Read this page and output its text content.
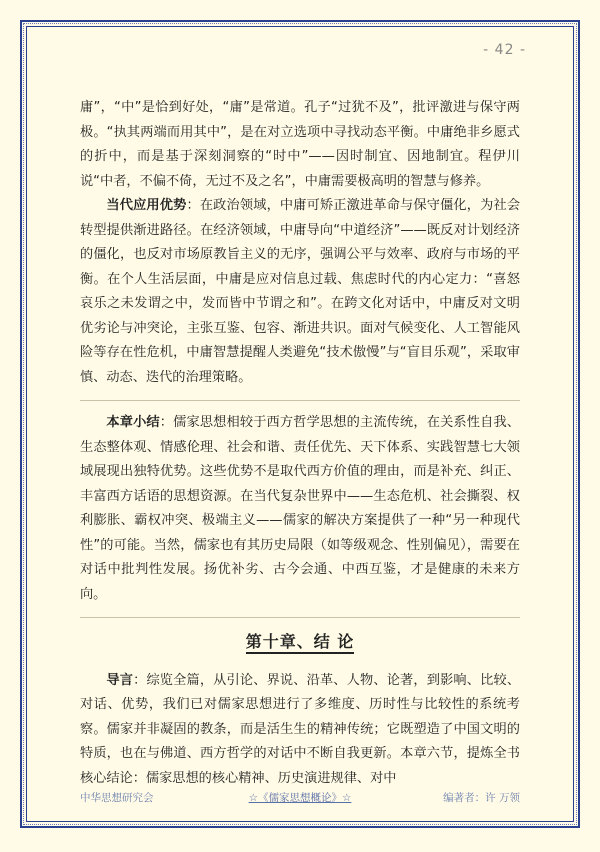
- 42 -

庸”，“中”是恰到好处，“庸”是常道。孔子“过犹不及”，批评激进与保守两极。“执其两端而用其中”，是在对立选项中寻找动态平衡。中庸绝非乡愿式的折中，而是基于深刻洞察的“时中”——因时制宜、因地制宜。程伊川说“中者，不偏不倚，无过不及之名”，中庸需要极高明的智慧与修养。

当代应用优势：在政治领域，中庸可矫正激进革命与保守僵化，为社会转型提供渐进路径。在经济领域，中庸导向“中道经济”——既反对计划经济的僵化，也反对市场原教旨主义的无序，强调公平与效率、政府与市场的平衡。在个人生活层面，中庸是应对信息过载、焦虑时代的内心定力：“喜怒哀乐之未发谓之中，发而皆中节谓之和”。在跨文化对话中，中庸反对文明优劣论与冲突论，主张互鉴、包容、渐进共识。面对气候变化、人工智能风险等存在性危机，中庸智慧提醒人类避免“技术傲慢”与“盲目乐观”，采取审慎、动态、迭代的治理策略。

本章小结：儒家思想相较于西方哲学思想的主流传统，在关系性自我、生态整体观、情感伦理、社会和谐、责任优先、天下体系、实践智慧七大领域展现出独特优势。这些优势不是取代西方价值的理由，而是补充、纠正、丰富西方话语的思想资源。在当代复杂世界中——生态危机、社会撕裂、权利膨胀、霸权冲突、极端主义——儒家的解决方案提供了一种“另一种现代性”的可能。当然，儒家也有其历史局限（如等级观念、性别偏见），需要在对话中批判性发展。扬优补劣、古今会通、中西互鉴，才是健康的未来方向。

第十章、结 论

导言：综览全篇，从引论、界说、沿革、人物、论著，到影响、比较、对话、优势，我们已对儒家思想进行了多维度、历时性与比较性的系统考察。儒家并非凝固的教条，而是活生生的精神传统；它既塑造了中国文明的特质，也在与佛道、西方哲学的对话中不断自我更新。本章六节，提炼全书核心结论：儒家思想的核心精神、历史演进规律、对中

中华思想研究会	☆《儒家思想概论》☆	编著者：许 万领
